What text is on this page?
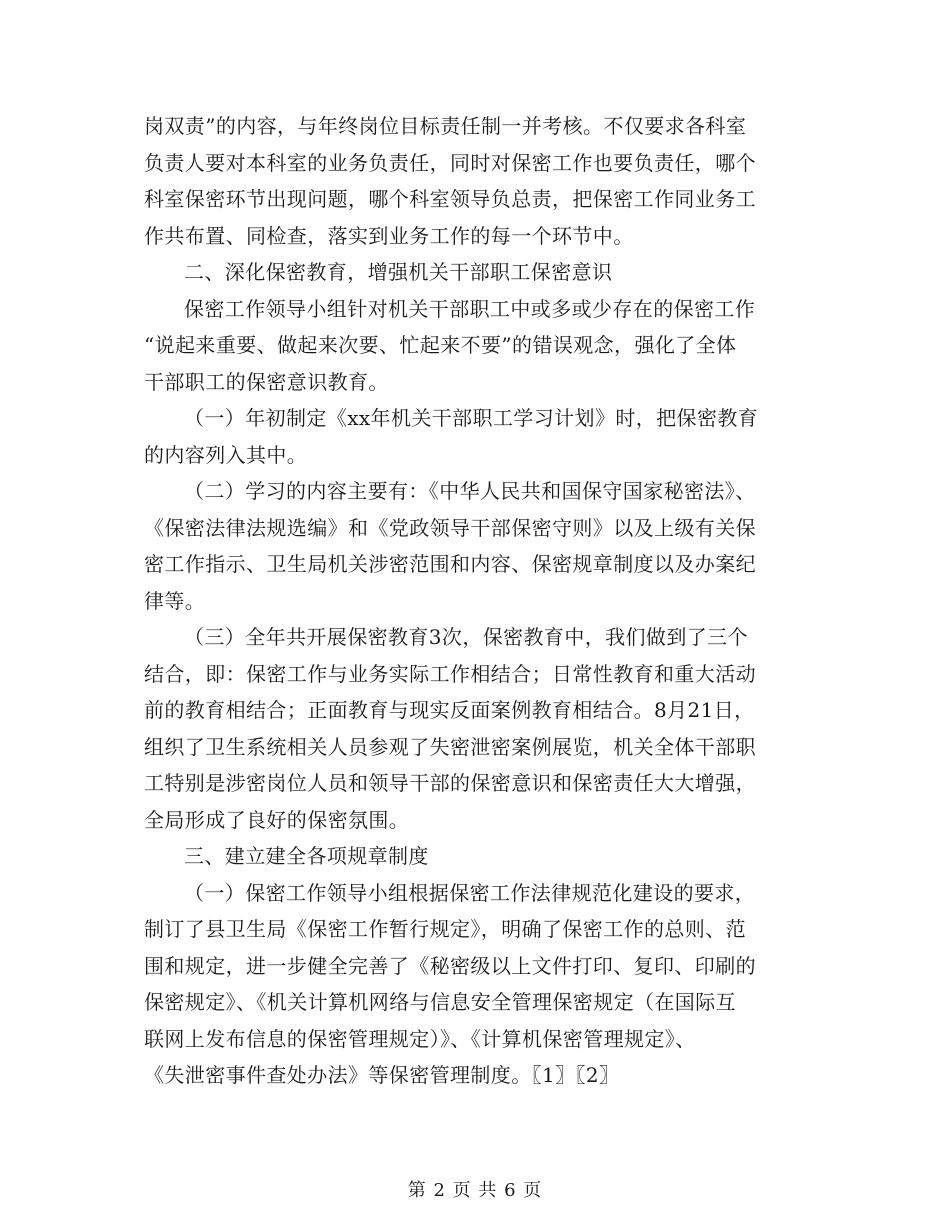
岗双责”的内容，与年终岗位目标责任制一并考核。不仅要求各科室
负责人要对本科室的业务负责任，同时对保密工作也要负责任，哪个
科室保密环节出现问题，哪个科室领导负总责，把保密工作同业务工
作共布置、同检查，落实到业务工作的每一个环节中。
二、深化保密教育，增强机关干部职工保密意识
保密工作领导小组针对机关干部职工中或多或少存在的保密工作
“说起来重要、做起来次要、忙起来不要”的错误观念，强化了全体
干部职工的保密意识教育。
（一）年初制定《xx年机关干部职工学习计划》时，把保密教育
的内容列入其中。
（二）学习的内容主要有：《中华人民共和国保守国家秘密法》、
《保密法律法规选编》和《党政领导干部保密守则》以及上级有关保
密工作指示、卫生局机关涉密范围和内容、保密规章制度以及办案纪
律等。
（三）全年共开展保密教育3次，保密教育中，我们做到了三个
结合，即：保密工作与业务实际工作相结合；日常性教育和重大活动
前的教育相结合；正面教育与现实反面案例教育相结合。8月21日，
组织了卫生系统相关人员参观了失密泄密案例展览，机关全体干部职
工特别是涉密岗位人员和领导干部的保密意识和保密责任大大增强，
全局形成了良好的保密氛围。
三、建立建全各项规章制度
（一）保密工作领导小组根据保密工作法律规范化建设的要求，
制订了县卫生局《保密工作暂行规定》，明确了保密工作的总则、范
围和规定，进一步健全完善了《秘密级以上文件打印、复印、印刷的
保密规定》、《机关计算机网络与信息安全管理保密规定（在国际互
联网上发布信息的保密管理规定）》、《计算机保密管理规定》、
《失泄密事件查处办法》等保密管理制度。〖1〗〖2〗
第 2 页 共 6 页
